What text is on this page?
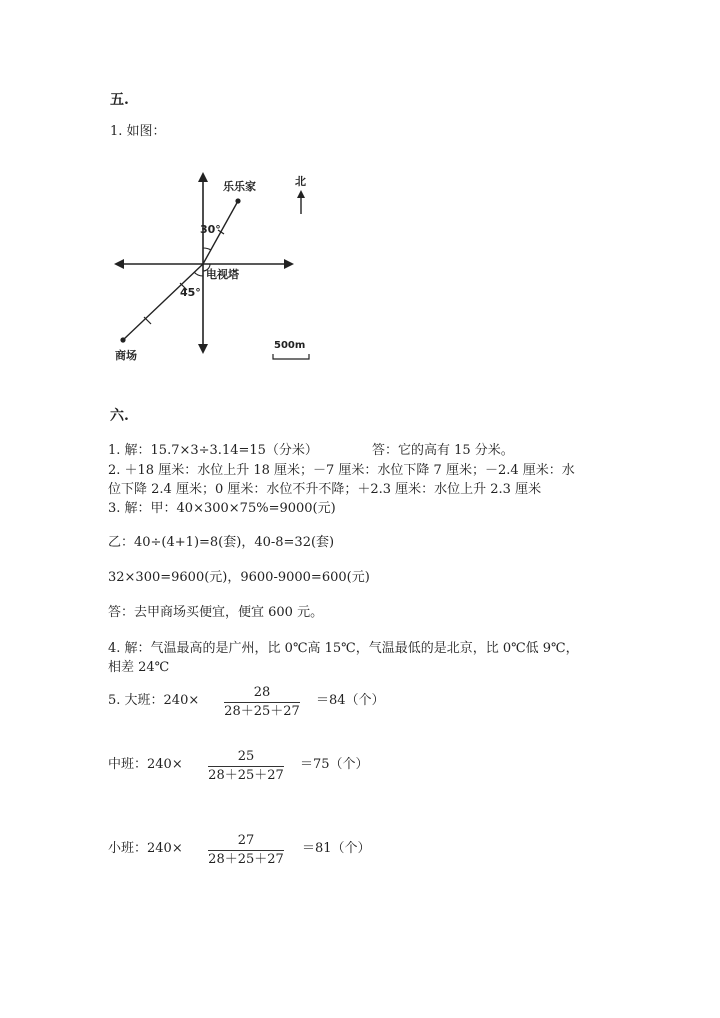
五.
1. 如图：
乐乐家
30°
电视塔
45°
商场
北
500m
六.
1. 解：15.7×3÷3.14=15（分米）	答：它的高有 15 分米。
2. ＋18 厘米：水位上升 18 厘米；－7 厘米：水位下降 7 厘米；－2.4 厘米：水
位下降 2.4 厘米；0 厘米：水位不升不降；＋2.3 厘米：水位上升 2.3 厘米
3. 解：甲：40×300×75%=9000(元)
乙：40÷(4+1)=8(套)，40-8=32(套)
32×300=9600(元)，9600-9000=600(元)
答：去甲商场买便宜，便宜 600 元。
4. 解：气温最高的是广州，比 0℃高 15℃，气温最低的是北京，比 0℃低 9℃，
相差 24℃
5. 大班：240×
28
28＋25＋27
＝84（个）
中班：240×
25
28＋25＋27
＝75（个）
小班：240×
27
28＋25＋27
＝81（个）
